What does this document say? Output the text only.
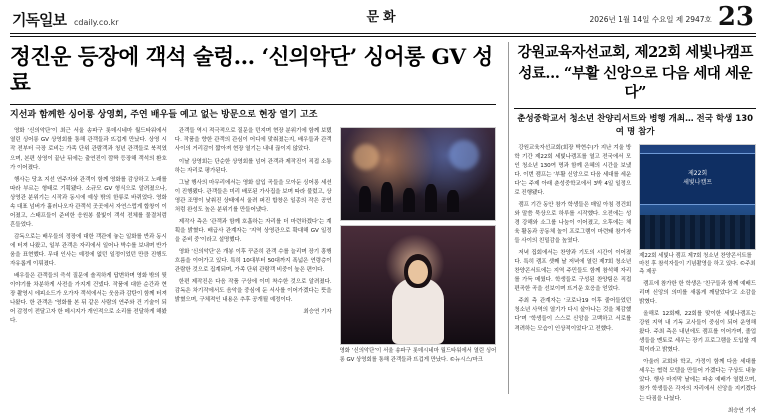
기독일보 cdaily.co.kr	문화	2026년 1월 14일 수요일 제 2947호 23
정진운 등장에 객석 술렁… ‘신의악단’ 싱어롱 GV 성료
지선과 함께한 싱어롱 상영회, 주연 배우들 예고 없는 방문으로 현장 열기 고조

영화 ‘신의악단’이 최근 서울 송파구 롯데시네마 월드타워에서 열린 싱어롱 GV 상영회를 통해 관객들과 뜨겁게 만났다. 상영 시작 전부터 극장 로비는 가족 단위 관람객과 청년 관객들로 북적였으며, 본편 상영이 끝난 뒤에는 출연진이 깜짝 등장해 객석의 환호가 이어졌다.

행사는 당초 지선 연주자와 관객이 함께 영화를 감상하고 노래를 따라 부르는 형태로 기획됐다. 소규모 GV 형식으로 알려졌으나, 상영관 분위기는 시작과 동시에 예상 밖의 한류로 바뀌었다. 영화 속 대표 넘버가 흘러나오자 관객석 곳곳에서 자연스럽게 합창이 이어졌고, 스태프들이 준비한 응원봉 불빛이 객석 전체를 물결처럼 흔들었다.

감독으로는 배우들의 정장에 대한 객관에 놓는 일화를 반과 동시에 터져 나왔고, 일부 관객은 자리에서 일어나 박수를 보내며 반가움을 표현했다. 무대 인사는 예정에 없던 일정이었던 만큼 진행도 자유롭게 이뤄졌다.

배우들은 관객들의 즉석 질문에 솔직하게 답변하며 영화 밖의 뒷이야기를 차분하게 사전을 가지게 건넸다. 작품에 대한 순간과 현장 촬영시 에피소드가 오가자 객석에서는 웃음과 감탄이 함께 터져 나왔다. 한 관객은 ‘영화를 본 뒤 같은 사람의 연주와 건 기술이 되어 감정이 전달고자 한 메시지가 개인적으로 소리를 전달하게 해봤다.

관객들 역시 적극적으로 질문을 던지며 현장 분위기에 함께 보탰다. 작품을 향한 관객의 관심이 어디에 맞춰졌는지, 배우들과 관객 사이의 거리감이 짧아져 현장 열기는 내내 끊이지 않았다.

이날 상영회는 단순한 상영회를 넘어 관객과 제작진이 직접 소통하는 자리로 평가된다.

그날 행사의 마무리에서는 영화 삽입 곡들을 모아둔 싱어롱 세션이 진행됐다. 관객들은 미리 배포된 가사집을 보며 따라 불렀고, 상영관 조명이 낮춰진 상태에서 울려 퍼진 합창은 일종의 작은 공연처럼 완성도 높은 분위기를 만들어냈다.

제작사 측은 ‘관객과 함께 호흡하는 자리를 더 마련하겠다’는 계획을 밝혔다. 배급사 관계자는 ‘지역 상영관으로 확대해 GV 일정을 준비 중’이라고 설명했다.

영화 ‘신의악단’은 개봉 이후 꾸준히 관객 수를 늘리며 장기 흥행 흐름을 이어가고 있다. 특히 10대부터 50대까지 폭넓은 연령층이 관람한 것으로 집계되며, 가족 단위 관람객 비중이 높은 편이다.

한편 제작진은 다음 작품 구상에 이미 착수한 것으로 알려졌다. 감독은 차기작에서도 음악을 중심에 둔 서사를 이어가겠다는 뜻을 밝혔으며, 구체적인 내용은 추후 공개될 예정이다.

최승연 기자
영화 ‘신의악단’이 서울 송파구 롯데시네마 월드타워에서 열린 싱어롱 GV 상영회를 통해 관객들과 뜨겁게 만났다. ©뉴시스/마크
강원교육자선교회, 제22회 세빛나캠프
성료… “부활 신앙으로 다음 세대 세운다”
춘성중학교서 청소년 찬양리서트와 병행 개최… 전국 학생 130여 명 참가

강원교육자선교회(회장 박현수)가 지난 겨울 방학 기간 제22회 세빛나캠프를 열고 전국에서 모인 청소년 130여 명과 함께 은혜의 시간을 보냈다. 이번 캠프는 ‘부활 신앙으로 다음 세대를 세운다’는 주제 아래 춘성중학교에서 3박 4일 일정으로 진행됐다.

캠프 기간 동안 참가 학생들은 매일 아침 경건회와 말씀 묵상으로 하루를 시작했다. 오전에는 성경 강해와 소그룹 나눔이 이어졌고, 오후에는 체육 활동과 공동체 놀이 프로그램이 마련돼 참가자들 사이의 친밀감을 높였다.

저녁 집회에서는 찬양과 기도의 시간이 이어졌다. 특히 캠프 셋째 날 저녁에 열린 제7회 청소년 찬양콘서트에는 지역 주민들도 함께 참석해 자리를 가득 메웠다. 학생들로 구성된 찬양팀은 직접 편곡한 곡을 선보이며 뜨거운 호응을 얻었다.

주최 측 관계자는 ‘코로나19 이후 줄어들었던 청소년 사역의 열기가 다시 살아나는 것을 체감했다’며 ‘학생들이 스스로 신앙을 고백하고 서로를 격려하는 모습이 인상적이었다’고 전했다.

제22회
세빛나캠프
제22회 세빛나 캠프 제7회 청소년 찬양콘서트를 마친 후 참석자들이 기념촬영을 하고 있다. ©주최 측 제공

캠프에 참가한 한 학생은 ‘친구들과 함께 예배드리며 신앙의 의미를 새롭게 깨달았다’고 소감을 밝혔다.

올해로 12회째, 22회를 맞이한 세빛나캠프는 강원 지역 내 기독 교사들이 중심이 되어 운영해 왔다. 주최 측은 내년에도 캠프를 이어가며, 졸업생들을 멘토로 세우는 장기 프로그램을 도입할 계획이라고 밝혔다.

아울러 교회와 학교, 가정이 함께 다음 세대를 세우는 협력 모델을 만들어 가겠다는 구상도 내놓았다. 행사 마지막 날에는 파송 예배가 열렸으며, 참가 학생들은 각자의 자리에서 신앙을 지키겠다는 다짐을 나눴다.

최승연 기자
